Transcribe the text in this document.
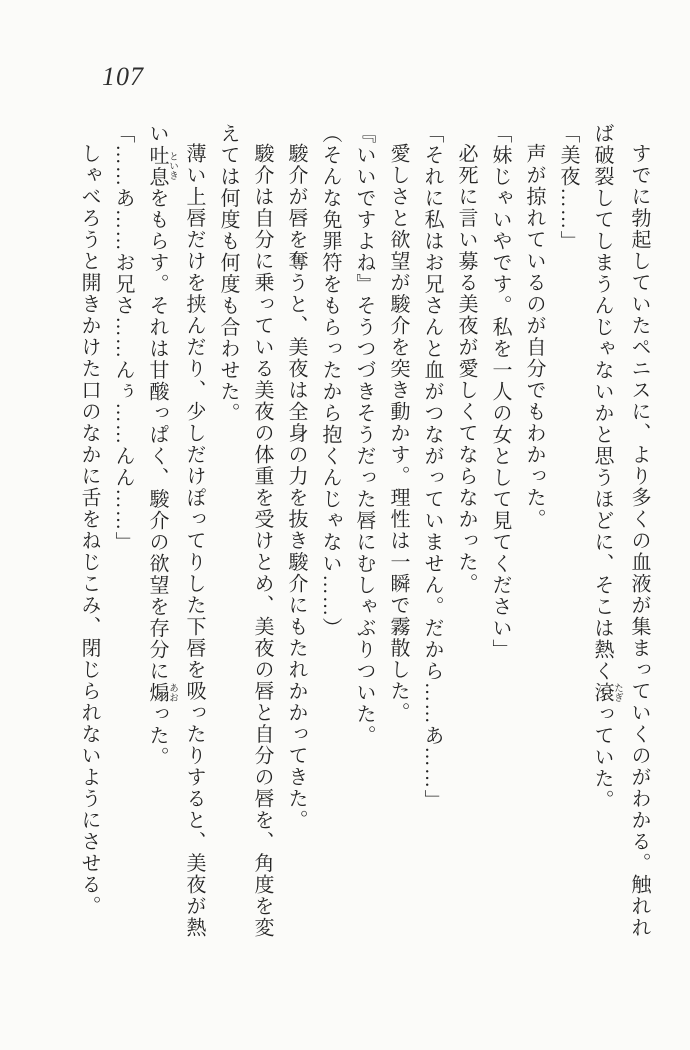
107

すでに勃起していたペニスに、より多くの血液が集まっていくのがわかる。触れれ

ば破裂してしまうんじゃないかと思うほどに、そこは熱く滾 たぎっていた。

「美夜……」

声が掠れているのが自分でもわかった。

「妹じゃいやです。私を一人の女として見てください」

必死に言い募る美夜が愛しくてならなかった。

「それに私はお兄さんと血がつながっていません。だから……あ……」

愛しさと欲望が駿介を突き動かす。理性は一瞬で霧散した。

『いいですよね』そうつづきそうだった唇にむしゃぶりついた。

（そんな免罪符をもらったから抱くんじゃない……）

駿介が唇を奪うと、美夜は全身の力を抜き駿介にもたれかかってきた。

駿介は自分に乗っている美夜の体重を受けとめ、美夜の唇と自分の唇を、角度を変

えては何度も何度も合わせた。

薄い上唇だけを挟んだり、少しだけぽってりした下唇を吸ったりすると、美夜が熱

い吐息 といきをもらす。それは甘酸っぱく、駿介の欲望を存分に煽 あおった。

「……あ……お兄さ……んぅ……んん……」

しゃべろうと開きかけた口のなかに舌をねじこみ、閉じられないようにさせる。
